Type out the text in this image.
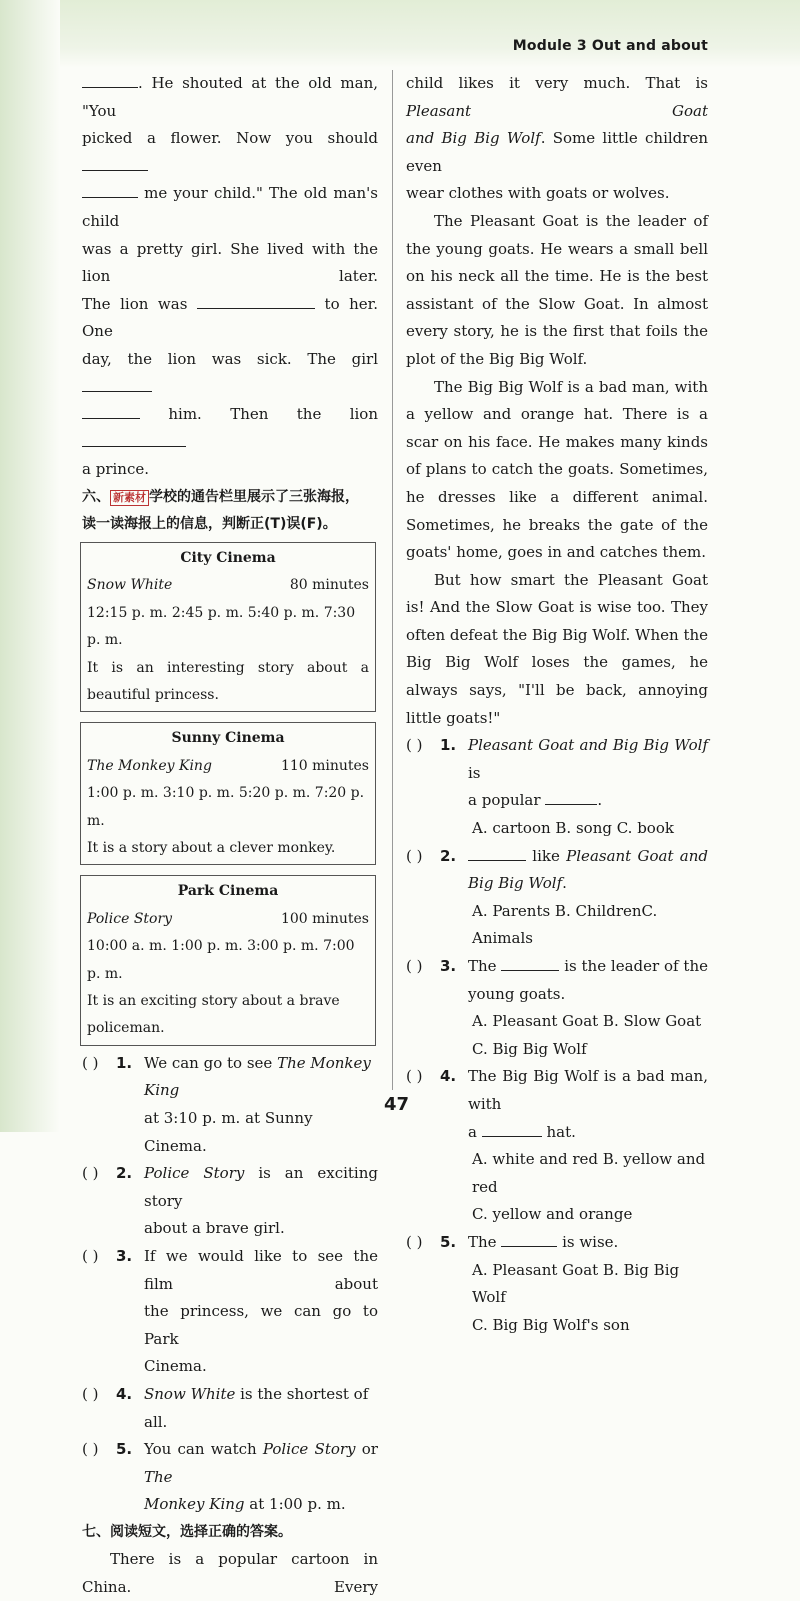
Module 3 Out and about
. He shouted at the old man, "You
picked a flower. Now you should
me your child." The old man's child
was a pretty girl. She lived with the lion later.
The lion was	to her. One
day, the lion was sick. The girl
him. Then the lion
a prince.
六、 新素材 学校的通告栏里展示了三张海报，
读一读海报上的信息，判断正(T)误(F)。
City Cinema
Snow White	80 minutes
12:15 p. m. 2:45 p. m. 5:40 p. m. 7:30 p. m.
It is an interesting story about a beautiful princess.
Sunny Cinema
The Monkey King	110 minutes
1:00 p. m. 3:10 p. m. 5:20 p. m. 7:20 p. m.
It is a story about a clever monkey.
Park Cinema
Police Story	100 minutes
10:00 a. m. 1:00 p. m. 3:00 p. m. 7:00 p. m.
It is an exciting story about a brave policeman.
( ) 1. We can go to see The Monkey King
at 3:10 p. m. at Sunny Cinema.
( ) 2. Police Story is an exciting story
about a brave girl.
( ) 3. If we would like to see the film about
the princess, we can go to Park
Cinema.
( ) 4. Snow White is the shortest of all.
( ) 5. You can watch Police Story or The
Monkey King at 1:00 p. m.
七、阅读短文，选择正确的答案。
There is a popular cartoon in China. Every
child likes it very much. That is Pleasant Goat
and Big Big Wolf. Some little children even
wear clothes with goats or wolves.
The Pleasant Goat is the leader of the young goats. He wears a small bell on his neck all the time. He is the best assistant of the Slow Goat. In almost every story, he is the first that foils the plot of the Big Big Wolf.
The Big Big Wolf is a bad man, with a yellow and orange hat. There is a scar on his face. He makes many kinds of plans to catch the goats. Sometimes, he dresses like a different animal. Sometimes, he breaks the gate of the goats' home, goes in and catches them.
But how smart the Pleasant Goat is! And the Slow Goat is wise too. They often defeat the Big Big Wolf. When the Big Big Wolf loses the games, he always says, "I'll be back, annoying little goats!"
( ) 1. Pleasant Goat and Big Big Wolf is
a popular	.
A. cartoon B. song C. book
( ) 2.	like Pleasant Goat and
Big Big Wolf.
A. Parents B. ChildrenC. Animals
( ) 3. The	is the leader of the
young goats.
A. Pleasant Goat B. Slow Goat
C. Big Big Wolf
( ) 4. The Big Big Wolf is a bad man, with
a	hat.
A. white and red B. yellow and red
C. yellow and orange
( ) 5. The	is wise.
A. Pleasant Goat B. Big Big Wolf
C. Big Big Wolf's son
47
